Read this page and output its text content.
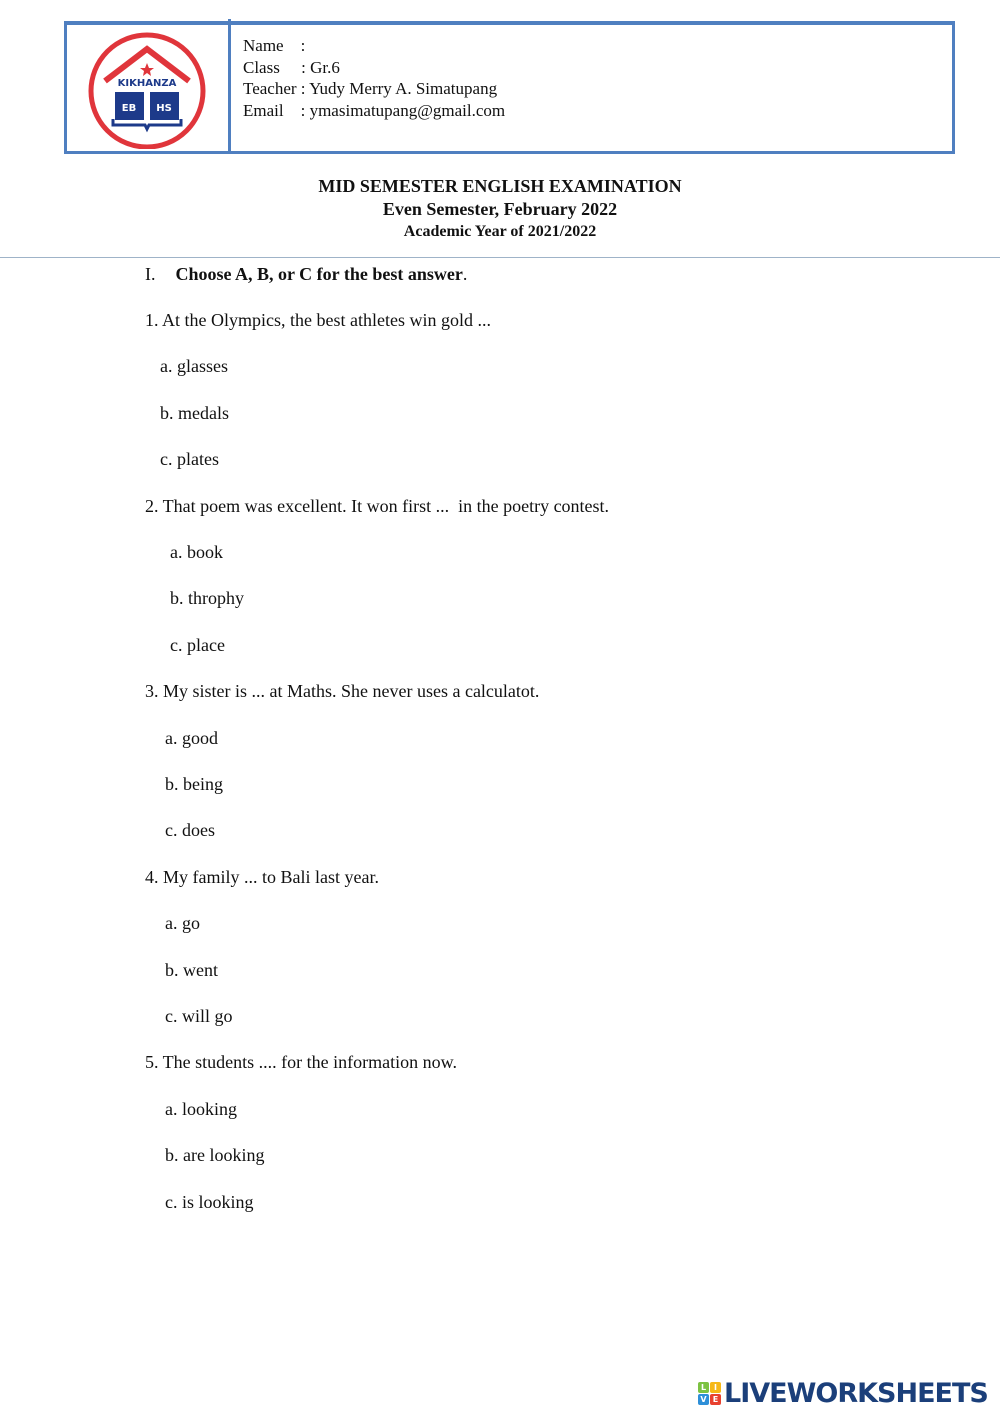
KIKHANZA
EB HS
Name    :
Class     : Gr.6
Teacher : Yudy Merry A. Simatupang
Email    : ymasimatupang@gmail.com
MID SEMESTER ENGLISH EXAMINATION
Even Semester, February 2022
Academic Year of 2021/2022
I. Choose A, B, or C for the best answer.
1. At the Olympics, the best athletes win gold ...
a. glasses
b. medals
c. plates
2. That poem was excellent. It won first ...  in the poetry contest.
a. book
b. throphy
c. place
3. My sister is ... at Maths. She never uses a calculatot.
a. good
b. being
c. does
4. My family ... to Bali last year.
a. go
b. went
c. will go
5. The students .... for the information now.
a. looking
b. are looking
c. is looking
L I
V E LIVEWORKSHEETS
